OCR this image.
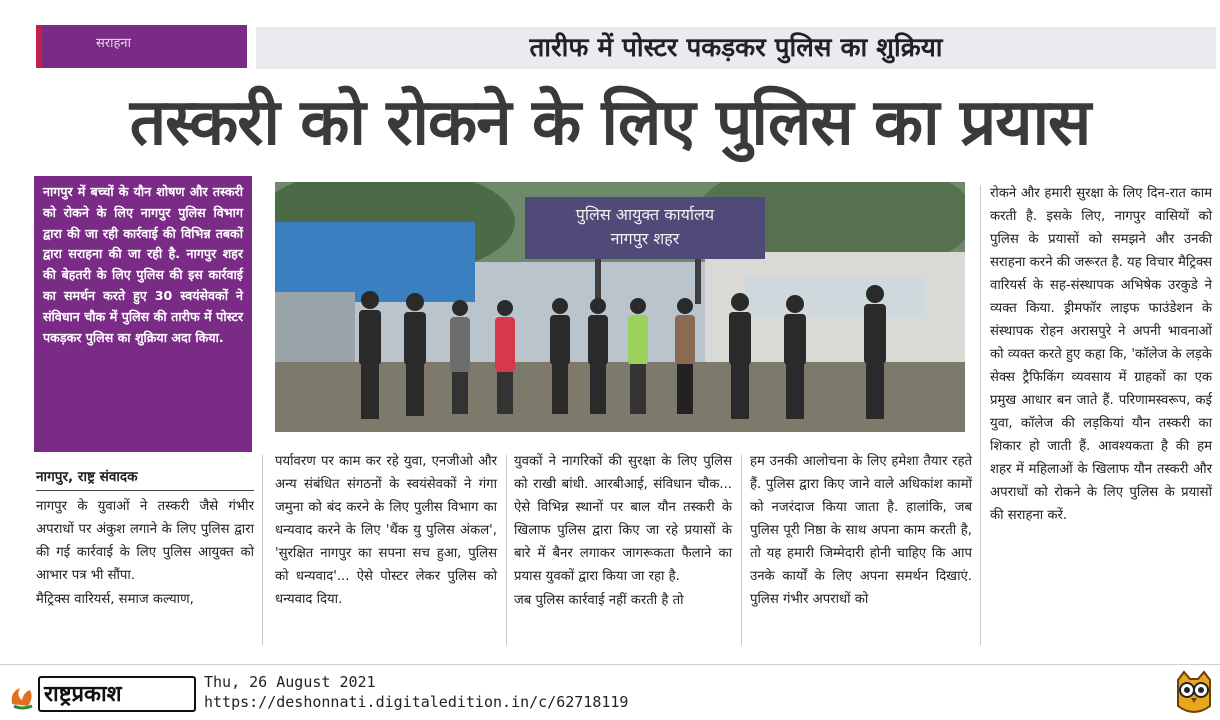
सराहना	तारीफ में पोस्टर पकड़कर पुलिस का शुक्रिया
तस्करी को रोकने के लिए पुलिस का प्रयास
नागपुर में बच्चों के यौन शोषण और तस्करी को रोकने के लिए नागपुर पुलिस विभाग द्वारा की जा रही कार्रवाई की विभिन्न तबकों द्वारा सराहना की जा रही है. नागपुर शहर की बेहतरी के लिए पुलिस की इस कार्रवाई का समर्थन करते हुए 30 स्वयंसेवकों ने संविधान चौक में पुलिस की तारीफ में पोस्टर पकड़कर पुलिस का शुक्रिया अदा किया.
पुलिस आयुक्त कार्यालय
नागपुर शहर
नागपुर, राष्ट्र संवादक

नागपुर के युवाओं ने तस्करी जैसे गंभीर अपराधों पर अंकुश लगाने के लिए पुलिस द्वारा की गई कार्रवाई के लिए पुलिस आयुक्त को आभार पत्र भी सौंपा.

मैट्रिक्स वारियर्स, समाज कल्याण,

पर्यावरण पर काम कर रहे युवा, एनजीओ और अन्य संबंधित संगठनों के स्वयंसेवकों ने गंगा जमुना को बंद करने के लिए पुलीस विभाग का धन्यवाद करने के लिए 'थैंक यु पुलिस अंकल', 'सुरक्षित नागपुर का सपना सच हुआ, पुलिस को धन्यवाद'... ऐसे पोस्टर लेकर पुलिस को धन्यवाद दिया.

युवकों ने नागरिकों की सुरक्षा के लिए पुलिस को राखी बांधी. आरबीआई, संविधान चौक... ऐसे विभिन्न स्थानों पर बाल यौन तस्करी के खिलाफ पुलिस द्वारा किए जा रहे प्रयासों के बारे में बैनर लगाकर जागरूकता फैलाने का प्रयास युवकों द्वारा किया जा रहा है.

जब पुलिस कार्रवाई नहीं करती है तो

हम उनकी आलोचना के लिए हमेशा तैयार रहते हैं. पुलिस द्वारा किए जाने वाले अधिकांश कामों को नजरंदाज किया जाता है. हालांकि, जब पुलिस पूरी निष्ठा के साथ अपना काम करती है, तो यह हमारी जिम्मेदारी होनी चाहिए कि आप उनके कार्यों के लिए अपना समर्थन दिखाएं. पुलिस गंभीर अपराधों को

रोकने और हमारी सुरक्षा के लिए दिन-रात काम करती है. इसके लिए, नागपुर वासियों को पुलिस के प्रयासों को समझने और उनकी सराहना करने की जरूरत है. यह विचार मैट्रिक्स वारियर्स के सह-संस्थापक अभिषेक उरकुडे ने व्यक्त किया. ड्रीमफॉर लाइफ फाउंडेशन के संस्थापक रोहन अरासपुरे ने अपनी भावनाओं को व्यक्त करते हुए कहा कि, 'कॉलेज के लड़के सेक्स ट्रैफिकिंग व्यवसाय में ग्राहकों का एक प्रमुख आधार बन जाते हैं. परिणामस्वरूप, कई युवा, कॉलेज की लड़कियां यौन तस्करी का शिकार हो जाती हैं. आवश्यकता है की हम शहर में महिलाओं के खिलाफ यौन तस्करी और अपराधों को रोकने के लिए पुलिस के प्रयासों की सराहना करें.

राष्ट्रप्रकाश	Thu, 26 August 2021
https://deshonnati.digitaledition.in/c/62718119
